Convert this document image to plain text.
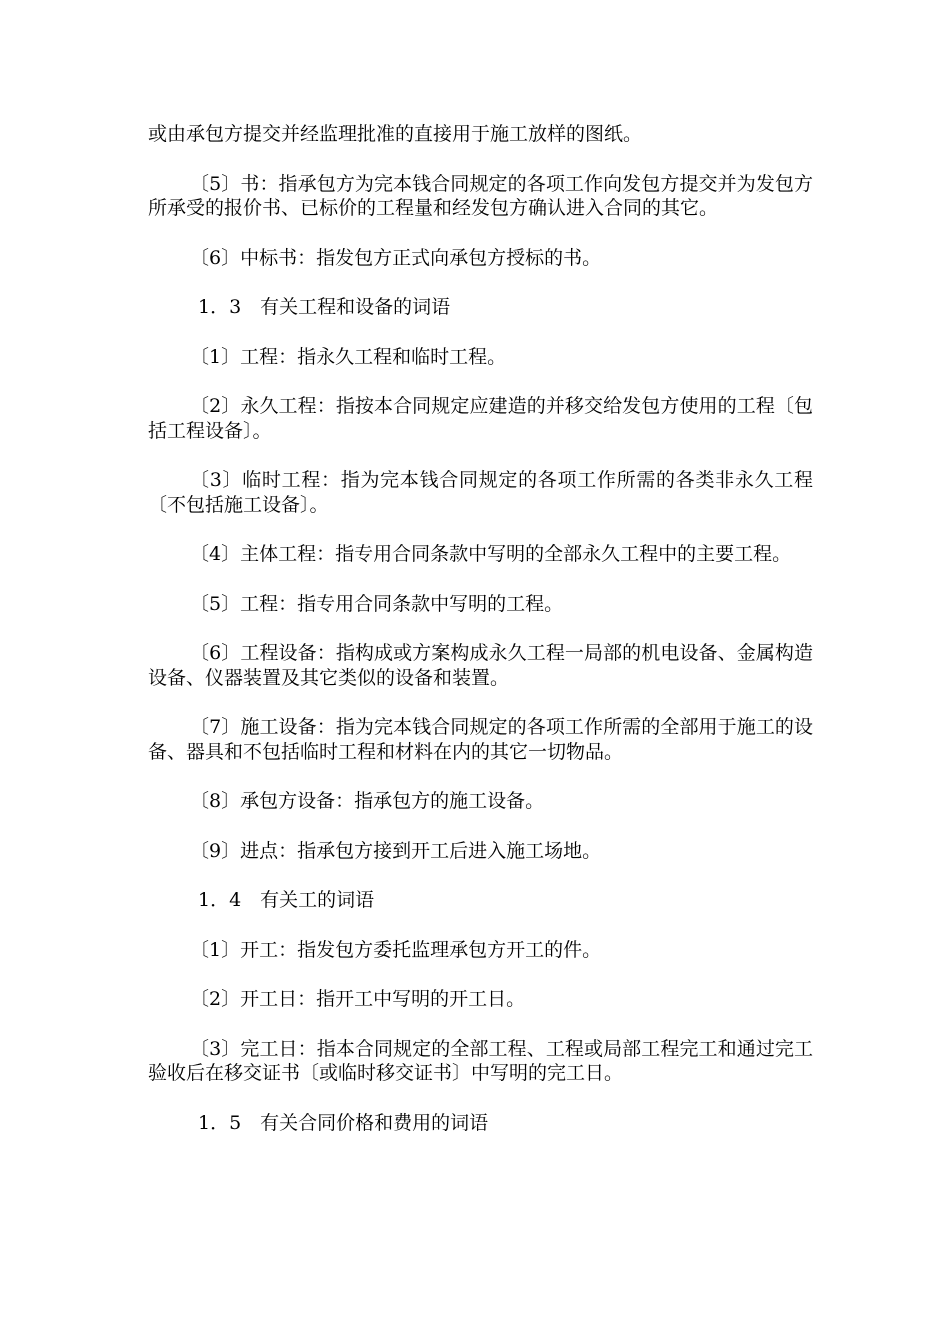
或由承包方提交并经监理批准的直接用于施工放样的图纸。

〔5〕书：指承包方为完本钱合同规定的各项工作向发包方提交并为发包方所承受的报价书、已标价的工程量和经发包方确认进入合同的其它。

〔6〕中标书：指发包方正式向承包方授标的书。

1．3　有关工程和设备的词语

〔1〕工程：指永久工程和临时工程。

〔2〕永久工程：指按本合同规定应建造的并移交给发包方使用的工程〔包括工程设备〕。

〔3〕临时工程：指为完本钱合同规定的各项工作所需的各类非永久工程〔不包括施工设备〕。

〔4〕主体工程：指专用合同条款中写明的全部永久工程中的主要工程。

〔5〕工程：指专用合同条款中写明的工程。

〔6〕工程设备：指构成或方案构成永久工程一局部的机电设备、金属构造设备、仪器装置及其它类似的设备和装置。

〔7〕施工设备：指为完本钱合同规定的各项工作所需的全部用于施工的设备、器具和不包括临时工程和材料在内的其它一切物品。

〔8〕承包方设备：指承包方的施工设备。

〔9〕进点：指承包方接到开工后进入施工场地。

1．4　有关工的词语

〔1〕开工：指发包方委托监理承包方开工的件。

〔2〕开工日：指开工中写明的开工日。

〔3〕完工日：指本合同规定的全部工程、工程或局部工程完工和通过完工验收后在移交证书〔或临时移交证书〕中写明的完工日。

1．5　有关合同价格和费用的词语
